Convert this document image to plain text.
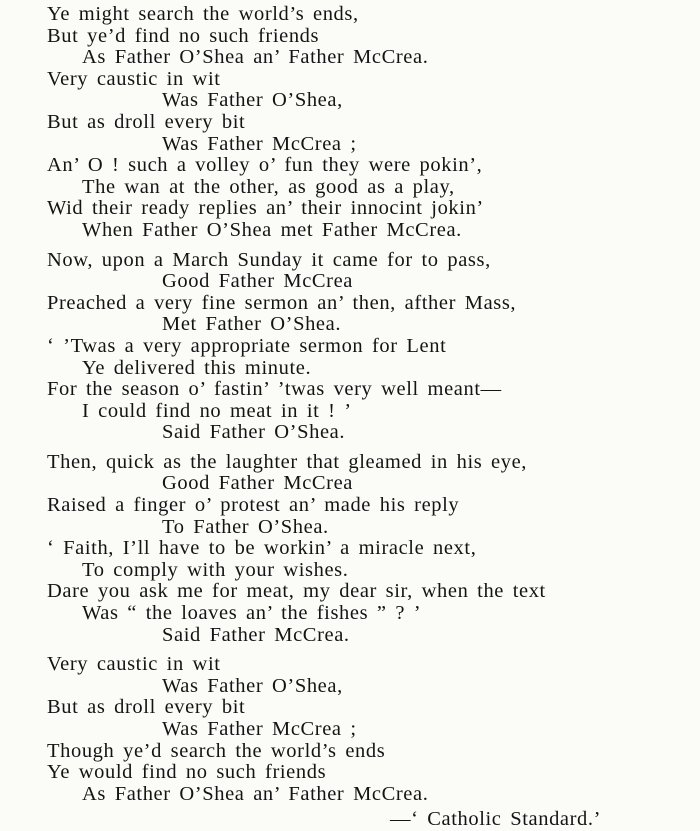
Ye might search the world’s ends,
But ye’d find no such friends
As Father O’Shea an’ Father McCrea.
Very caustic in wit
Was Father O’Shea,
But as droll every bit
Was Father McCrea ;
An’ O ! such a volley o’ fun they were pokin’,
The wan at the other, as good as a play,
Wid their ready replies an’ their innocint jokin’
When Father O’Shea met Father McCrea.
Now, upon a March Sunday it came for to pass,
Good Father McCrea
Preached a very fine sermon an’ then, afther Mass,
Met Father O’Shea.
‘ ’Twas a very appropriate sermon for Lent
Ye delivered this minute.
For the season o’ fastin’ ’twas very well meant—
I could find no meat in it ! ’
Said Father O’Shea.
Then, quick as the laughter that gleamed in his eye,
Good Father McCrea
Raised a finger o’ protest an’ made his reply
To Father O’Shea.
‘ Faith, I’ll have to be workin’ a miracle next,
To comply with your wishes.
Dare you ask me for meat, my dear sir, when the text
Was “ the loaves an’ the fishes ” ? ’
Said Father McCrea.
Very caustic in wit
Was Father O’Shea,
But as droll every bit
Was Father McCrea ;
Though ye’d search the world’s ends
Ye would find no such friends
As Father O’Shea an’ Father McCrea.
—‘ Catholic Standard.’
